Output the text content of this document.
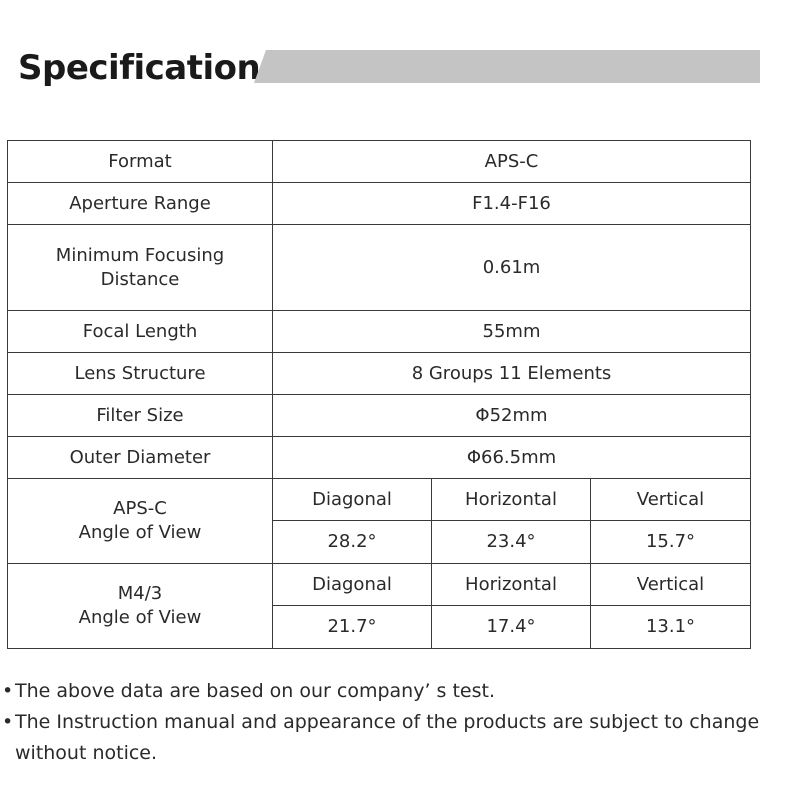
Specification
Format	APS-C		
Aperture Range	F1.4-F16		
Minimum Focusing
Distance	0.61m		
Focal Length	55mm		
Lens Structure	8 Groups 11 Elements		
Filter Size	Φ52mm		
Outer Diameter	Φ66.5mm		
APS-C
Angle of View	Diagonal	Horizontal	Vertical
	28.2°	23.4°	15.7°
M4/3
Angle of View	Diagonal	Horizontal	Vertical
	21.7°	17.4°	13.1°

• The above data are based on our company’ s test.

• The Instruction manual and appearance of the products are subject to change without notice.
